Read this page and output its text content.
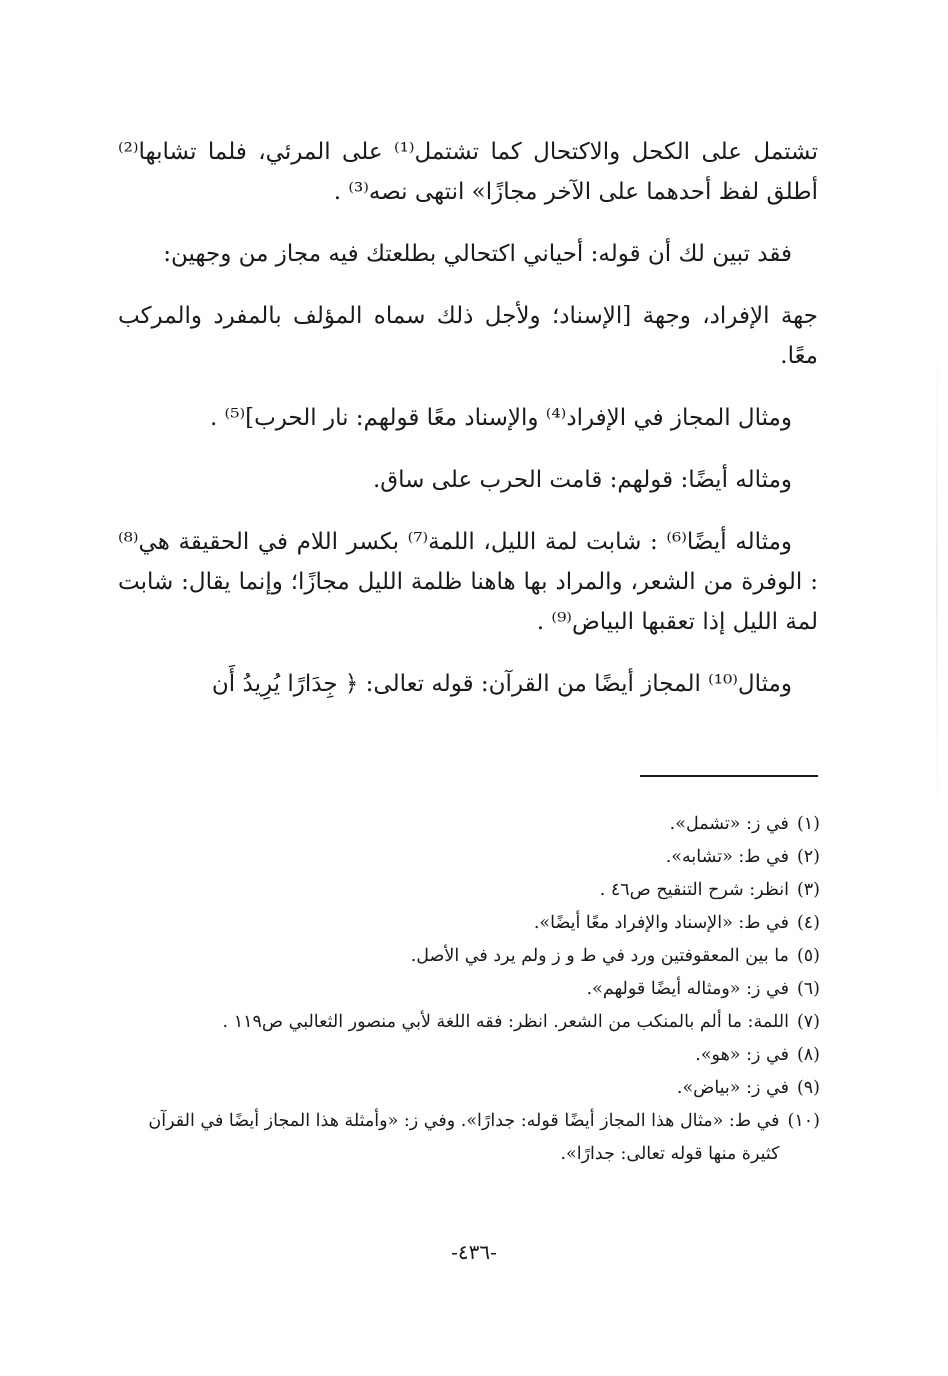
تشتمل على الكحل والاكتحال كما تشتمل⁽¹⁾ على المرئي، فلما تشابها⁽²⁾ أطلق لفظ أحدهما على الآخر مجازًا» انتهى نصه⁽³⁾ .

فقد تبين لك أن قوله: أحياني اكتحالي بطلعتك فيه مجاز من وجهين:

جهة الإفراد، وجهة [الإسناد؛ ولأجل ذلك سماه المؤلف بالمفرد والمركب معًا.

ومثال المجاز في الإفراد⁽⁴⁾ والإسناد معًا قولهم: نار الحرب]⁽⁵⁾ .

ومثاله أيضًا: قولهم: قامت الحرب على ساق.

ومثاله أيضًا⁽⁶⁾ : شابت لمة الليل، اللمة⁽⁷⁾ بكسر اللام في الحقيقة هي⁽⁸⁾ : الوفرة من الشعر، والمراد بها هاهنا ظلمة الليل مجازًا؛ وإنما يقال: شابت لمة الليل إذا تعقبها البياض⁽⁹⁾ .

ومثال⁽¹⁰⁾ المجاز أيضًا من القرآن: قوله تعالى: ﴿ جِدَارًا يُرِيدُ أَن

(١)
في ز: «تشمل».
(٢)
في ط: «تشابه».
(٣)
انظر: شرح التنقيح ص٤٦ .
(٤)
في ط: «الإسناد والإفراد معًا أيضًا».
(٥)
ما بين المعقوفتين ورد في ط و ز ولم يرد في الأصل.
(٦)
في ز: «ومثاله أيضًا قولهم».
(٧)
اللمة: ما ألم بالمنكب من الشعر. انظر: فقه اللغة لأبي منصور الثعالبي ص١١٩ .
(٨)
في ز: «هو».
(٩)
في ز: «بياض».
(١٠)
في ط: «مثال هذا المجاز أيضًا قوله: جدارًا». وفي ز: «وأمثلة هذا المجاز أيضًا في القرآن كثيرة منها قوله تعالى: جدارًا».
-٤٣٦-
